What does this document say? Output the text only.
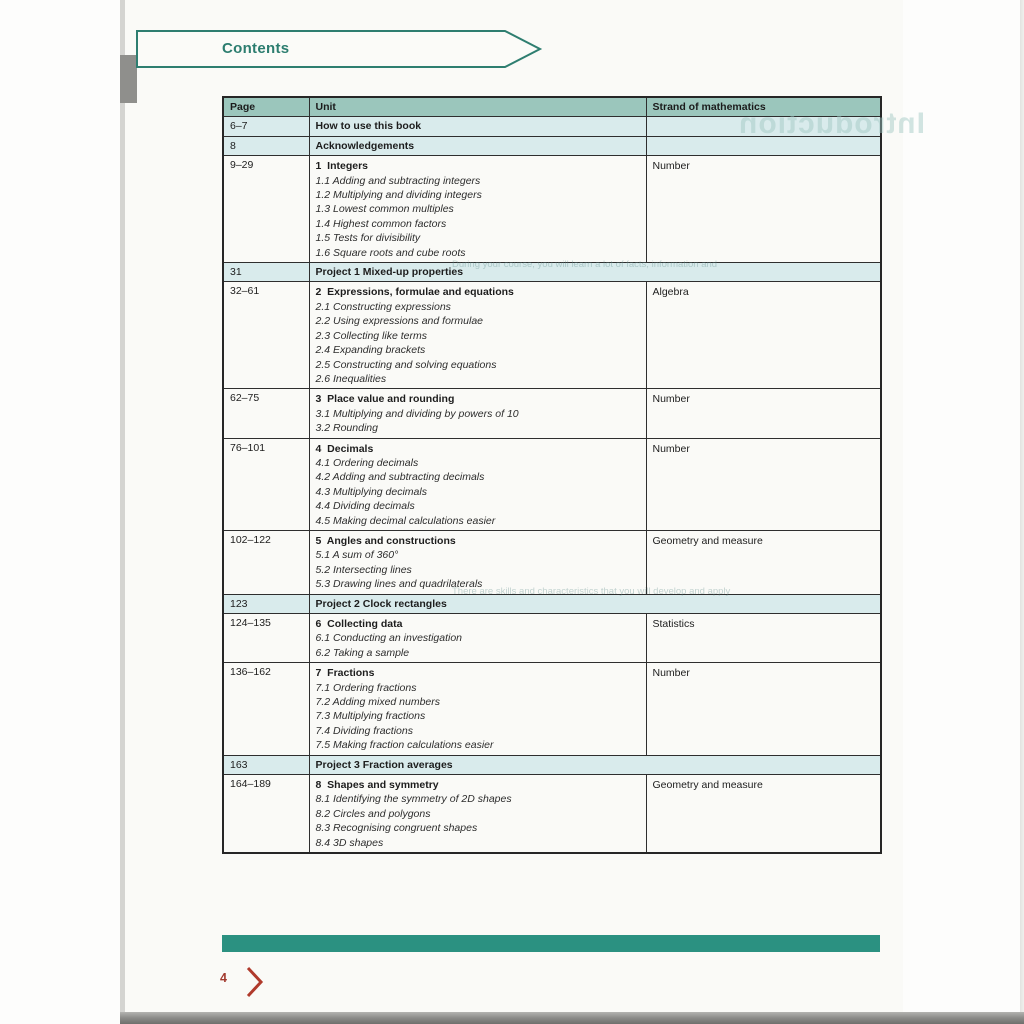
Contents
Introduction
During your course, you will learn a lot of facts, information and
There are skills and characteristics that you will develop and apply
Page	Unit	Strand of mathematics
6–7	How to use this book	
8	Acknowledgements	
9–29	1  Integers
1.1 Adding and subtracting integers
1.2 Multiplying and dividing integers
1.3 Lowest common multiples
1.4 Highest common factors
1.5 Tests for divisibility
1.6 Square roots and cube roots
	Number
31	Project 1 Mixed-up properties	
32–61	2  Expressions, formulae and equations
2.1 Constructing expressions
2.2 Using expressions and formulae
2.3 Collecting like terms
2.4 Expanding brackets
2.5 Constructing and solving equations
2.6 Inequalities
	Algebra
62–75	3  Place value and rounding
3.1 Multiplying and dividing by powers of 10
3.2 Rounding	Number
76–101	4  Decimals
4.1 Ordering decimals
4.2 Adding and subtracting decimals
4.3 Multiplying decimals
4.4 Dividing decimals
4.5 Making decimal calculations easier
	Number
102–122	5  Angles and constructions
5.1 A sum of 360°
5.2 Intersecting lines
5.3 Drawing lines and quadrilaterals	Geometry and measure
123	Project 2 Clock rectangles	
124–135	6  Collecting data
6.1 Conducting an investigation
6.2 Taking a sample	Statistics
136–162	7  Fractions
7.1 Ordering fractions
7.2 Adding mixed numbers
7.3 Multiplying fractions
7.4 Dividing fractions
7.5 Making fraction calculations easier
	Number
163	Project 3 Fraction averages	
164–189	8  Shapes and symmetry
8.1 Identifying the symmetry of 2D shapes
8.2 Circles and polygons
8.3 Recognising congruent shapes
8.4 3D shapes	Geometry and measure
4
